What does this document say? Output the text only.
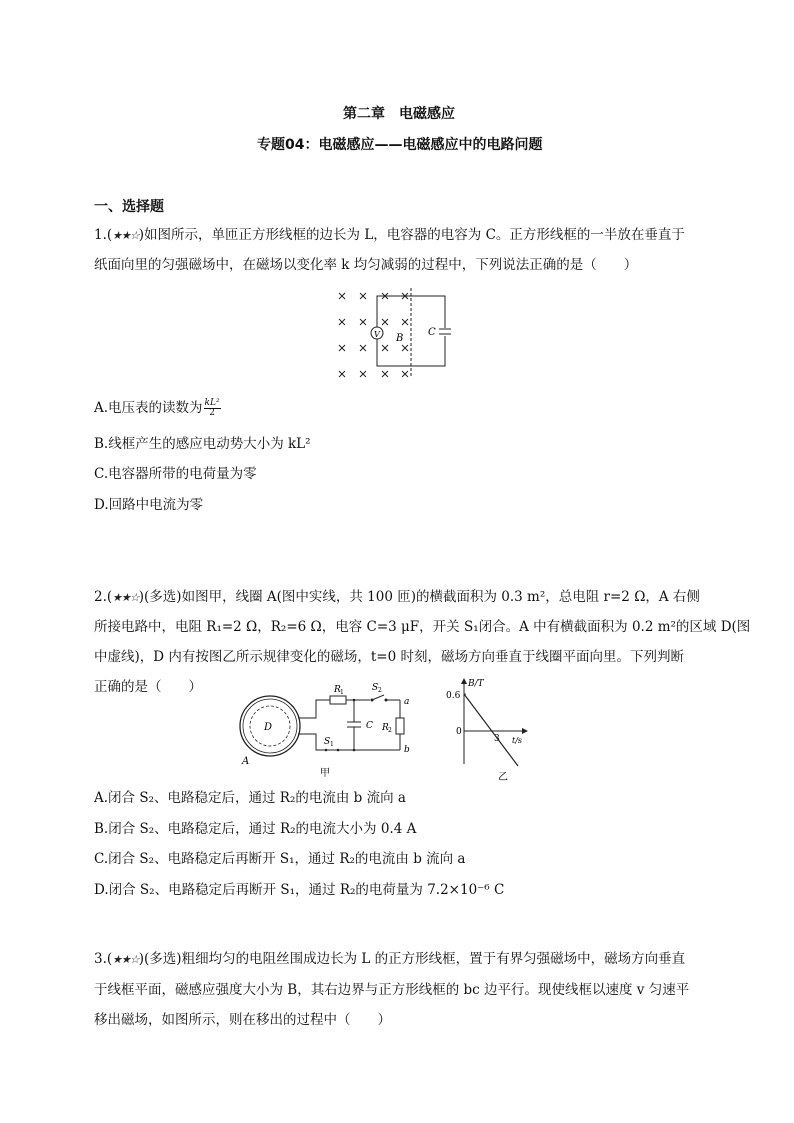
第二章　电磁感应
专题04：电磁感应——电磁感应中的电路问题
一、选择题
1.(★★☆)如图所示，单匝正方形线框的边长为 L，电容器的电容为 C。正方形线框的一半放在垂直于
纸面向里的匀强磁场中，在磁场以变化率 k 均匀减弱的过程中，下列说法正确的是（　　）
V B
C
A.电压表的读数为 $\frac{\text{kL²}}{2}$
B.线框产生的感应电动势大小为 kL²
C.电容器所带的电荷量为零
D.回路中电流为零
2.(★★☆)(多选)如图甲，线圈 A(图中实线，共 100 匝)的横截面积为 0.3 m²，总电阻 r=2 Ω，A 右侧
所接电路中，电阻 R₁=2 Ω，R₂=6 Ω，电容 C=3 μF，开关 S₁闭合。A 中有横截面积为 0.2 m²的区域 D(图
中虚线)，D 内有按图乙所示规律变化的磁场，t=0 时刻，磁场方向垂直于线圈平面向里。下列判断
正确的是（　　）
D
A
R 1	S 2
R 2
a
b
C
S 1
甲
B/T
0.6
0
3 t/s
乙
A.闭合 S₂、电路稳定后，通过 R₂的电流由 b 流向 a
B.闭合 S₂、电路稳定后，通过 R₂的电流大小为 0.4 A
C.闭合 S₂、电路稳定后再断开 S₁，通过 R₂的电流由 b 流向 a
D.闭合 S₂、电路稳定后再断开 S₁，通过 R₂的电荷量为 7.2×10⁻⁶ C
3.(★★☆)(多选)粗细均匀的电阻丝围成边长为 L 的正方形线框，置于有界匀强磁场中，磁场方向垂直
于线框平面，磁感应强度大小为 B，其右边界与正方形线框的 bc 边平行。现使线框以速度 v 匀速平
移出磁场，如图所示，则在移出的过程中（　　）
